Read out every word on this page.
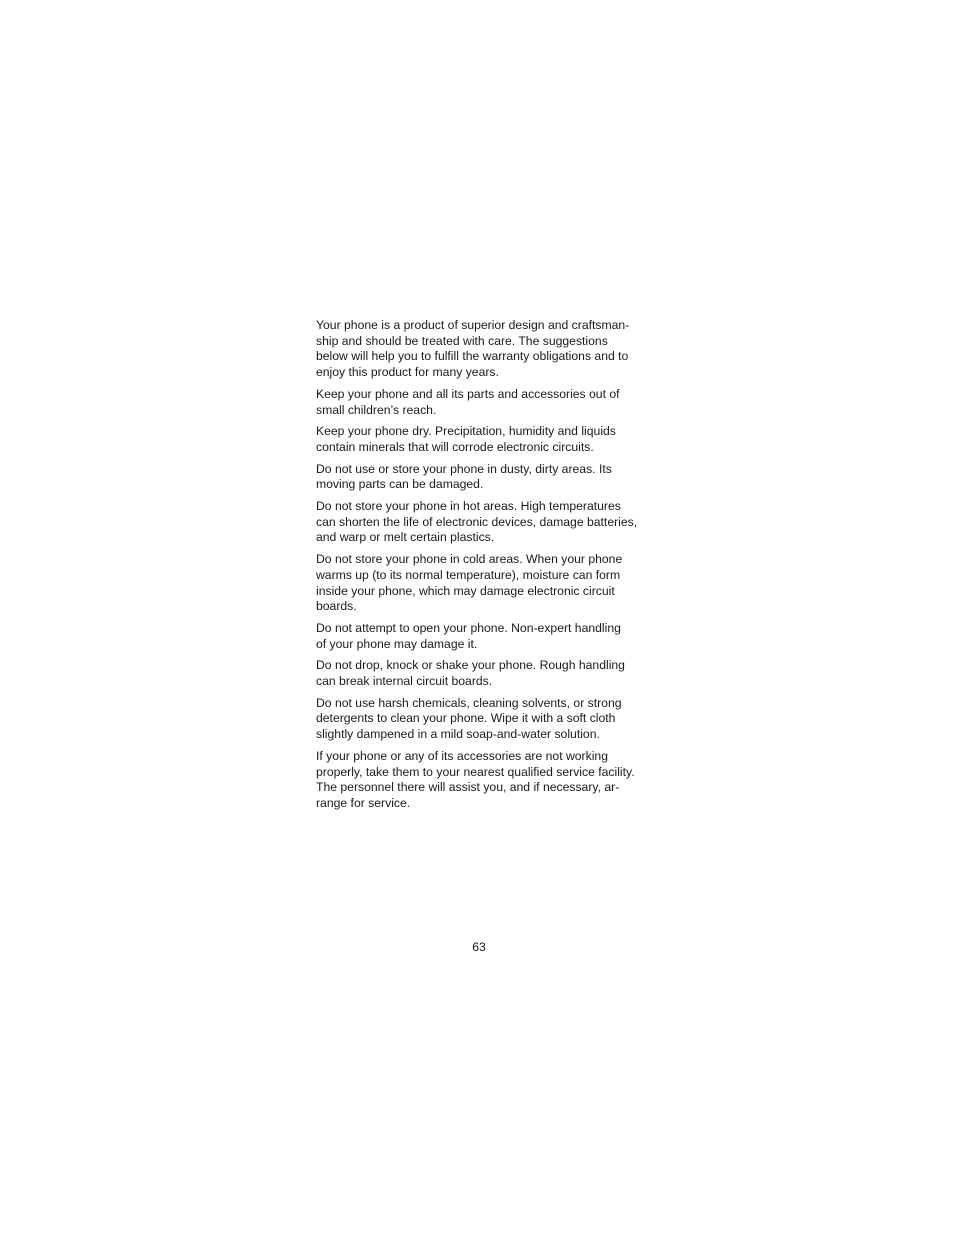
Your phone is a product of superior design and craftsman-
ship and should be treated with care. The suggestions
below will help you to fulfill the warranty obligations and to
enjoy this product for many years.

Keep your phone and all its parts and accessories out of
small children’s reach.

Keep your phone dry. Precipitation, humidity and liquids
contain minerals that will corrode electronic circuits.

Do not use or store your phone in dusty, dirty areas. Its
moving parts can be damaged.

Do not store your phone in hot areas. High temperatures
can shorten the life of electronic devices, damage batteries,
and warp or melt certain plastics.

Do not store your phone in cold areas. When your phone
warms up (to its normal temperature), moisture can form
inside your phone, which may damage electronic circuit
boards.

Do not attempt to open your phone. Non-expert handling
of your phone may damage it.

Do not drop, knock or shake your phone. Rough handling
can break internal circuit boards.

Do not use harsh chemicals, cleaning solvents, or strong
detergents to clean your phone. Wipe it with a soft cloth
slightly dampened in a mild soap-and-water solution.

If your phone or any of its accessories are not working
properly, take them to your nearest qualified service facility.
The personnel there will assist you, and if necessary, ar-
range for service.

63
